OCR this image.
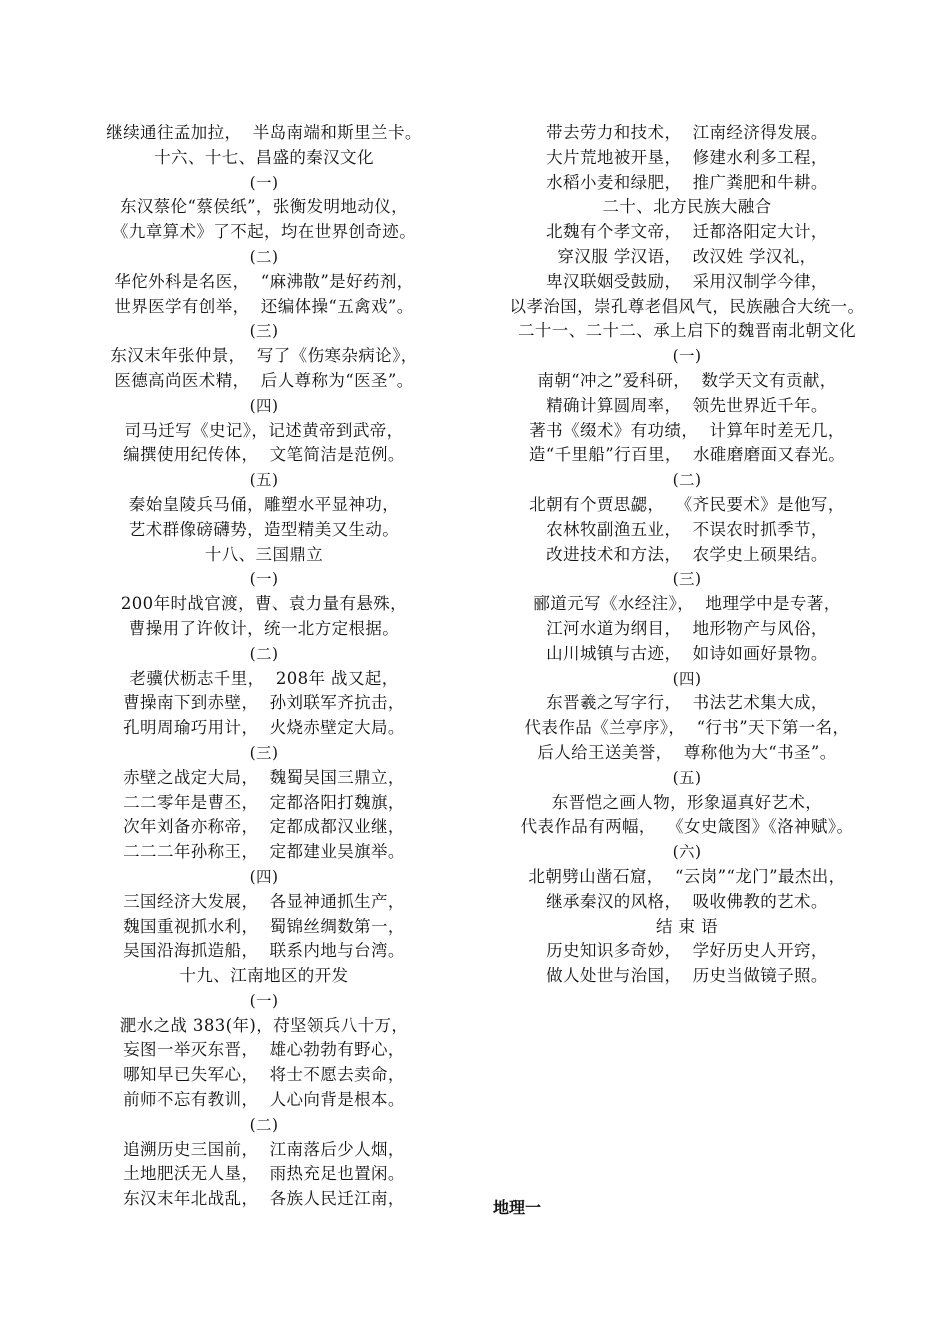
继续通往孟加拉，  半岛南端和斯里兰卡。
十六、十七、昌盛的秦汉文化
(一)
东汉蔡伦“蔡侯纸”，张衡发明地动仪，
《九章算术》了不起，均在世界创奇迹。
(二)
华佗外科是名医，  “麻沸散”是好药剂，
世界医学有创举，  还编体操“五禽戏”。
(三)
东汉末年张仲景，  写了《伤寒杂病论》，
医德高尚医术精，  后人尊称为“医圣”。
(四)
司马迁写《史记》，记述黄帝到武帝，
编撰使用纪传体，  文笔简洁是范例。
(五)
秦始皇陵兵马俑，雕塑水平显神功，
艺术群像磅礴势，造型精美又生动。
十八、三国鼎立
(一)
200年时战官渡，曹、袁力量有悬殊，
曹操用了许攸计，统一北方定根据。
(二)
老骥伏枥志千里，  208年 战又起，
曹操南下到赤壁，  孙刘联军齐抗击，
孔明周瑜巧用计，  火烧赤壁定大局。
(三)
赤壁之战定大局，  魏蜀吴国三鼎立，
二二零年是曹丕，  定都洛阳打魏旗，
次年刘备亦称帝，  定都成都汉业继，
二二二年孙称王，  定都建业吴旗举。
(四)
三国经济大发展，  各显神通抓生产，
魏国重视抓水利，  蜀锦丝绸数第一，
吴国沿海抓造船，  联系内地与台湾。
十九、江南地区的开发
(一)
淝水之战 383(年)，苻坚领兵八十万，
妄图一举灭东晋，  雄心勃勃有野心，
哪知早已失军心，  将士不愿去卖命，
前师不忘有教训，  人心向背是根本。
(二)
追溯历史三国前，  江南落后少人烟，
土地肥沃无人垦，  雨热充足也置闲。
东汉末年北战乱，  各族人民迁江南，
带去劳力和技术，  江南经济得发展。
大片荒地被开垦，  修建水利多工程，
水稻小麦和绿肥，  推广粪肥和牛耕。
二十、北方民族大融合
北魏有个孝文帝，  迁都洛阳定大计，
穿汉服 学汉语，  改汉姓 学汉礼，
卑汉联姻受鼓励，  采用汉制学今律，
以孝治国，崇孔尊老倡风气，民族融合大统一。
二十一、二十二、承上启下的魏晋南北朝文化
(一)
南朝“冲之”爱科研，  数学天文有贡献，
精确计算圆周率，  领先世界近千年。
著书《缀术》有功绩，  计算年时差无几，
造“千里船”行百里，  水碓磨磨面又春光。
(二)
北朝有个贾思勰，  《齐民要术》是他写，
农林牧副渔五业，  不误农时抓季节，
改进技术和方法，  农学史上硕果结。
(三)
郦道元写《水经注》，  地理学中是专著，
江河水道为纲目，  地形物产与风俗，
山川城镇与古迹，  如诗如画好景物。
(四)
东晋羲之写字行，  书法艺术集大成，
代表作品《兰亭序》，  “行书”天下第一名，
后人给王送美誉，  尊称他为大“书圣”。
(五)
东晋恺之画人物，形象逼真好艺术，
代表作品有两幅，  《女史箴图》《洛神赋》。
(六)
北朝劈山凿石窟，  “云岗”“龙门”最杰出，
继承秦汉的风格，  吸收佛教的艺术。
结 束 语
历史知识多奇妙，  学好历史人开窍，
做人处世与治国，  历史当做镜子照。
地理一
